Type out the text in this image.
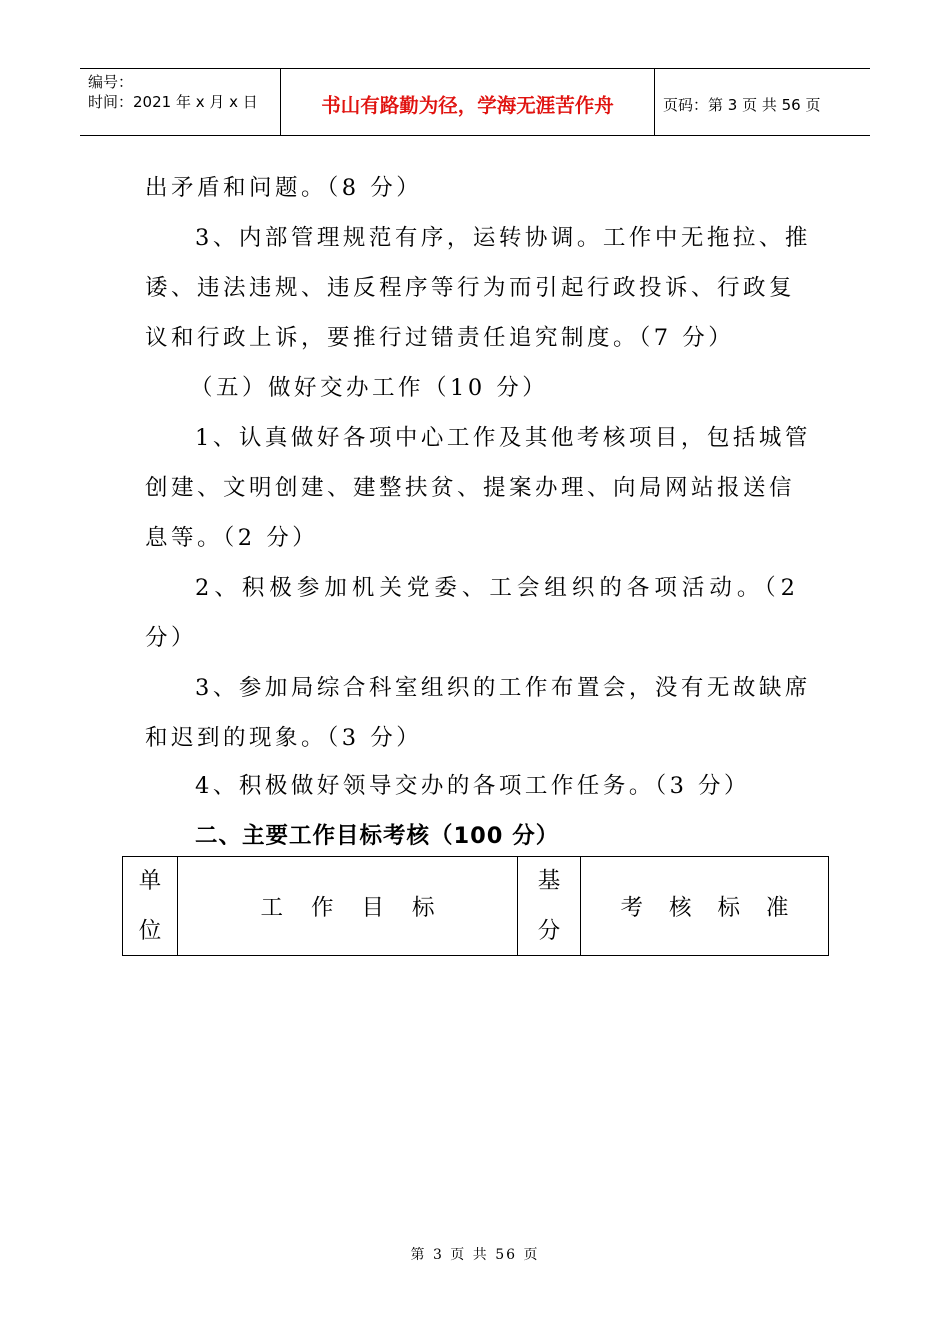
编号：
时间：2021 年 x 月 x 日	书山有路勤为径，学海无涯苦作舟	页码：第 3 页 共 56 页
出矛盾和问题。（8 分）
3、内部管理规范有序，运转协调。工作中无拖拉、推
诿、违法违规、违反程序等行为而引起行政投诉、行政复
议和行政上诉，要推行过错责任追究制度。（7 分）
（五）做好交办工作（10 分）
1、认真做好各项中心工作及其他考核项目，包括城管
创建、文明创建、建整扶贫、提案办理、向局网站报送信
息等。（2 分）
2、积极参加机关党委、工会组织的各项活动。（2
分）
3、参加局综合科室组织的工作布置会，没有无故缺席
和迟到的现象。（3 分）
4、积极做好领导交办的各项工作任务。（3 分）
二、主要工作目标考核（100 分）
单
位
工作目标
基
分
考核标准
第 3 页 共 56 页
